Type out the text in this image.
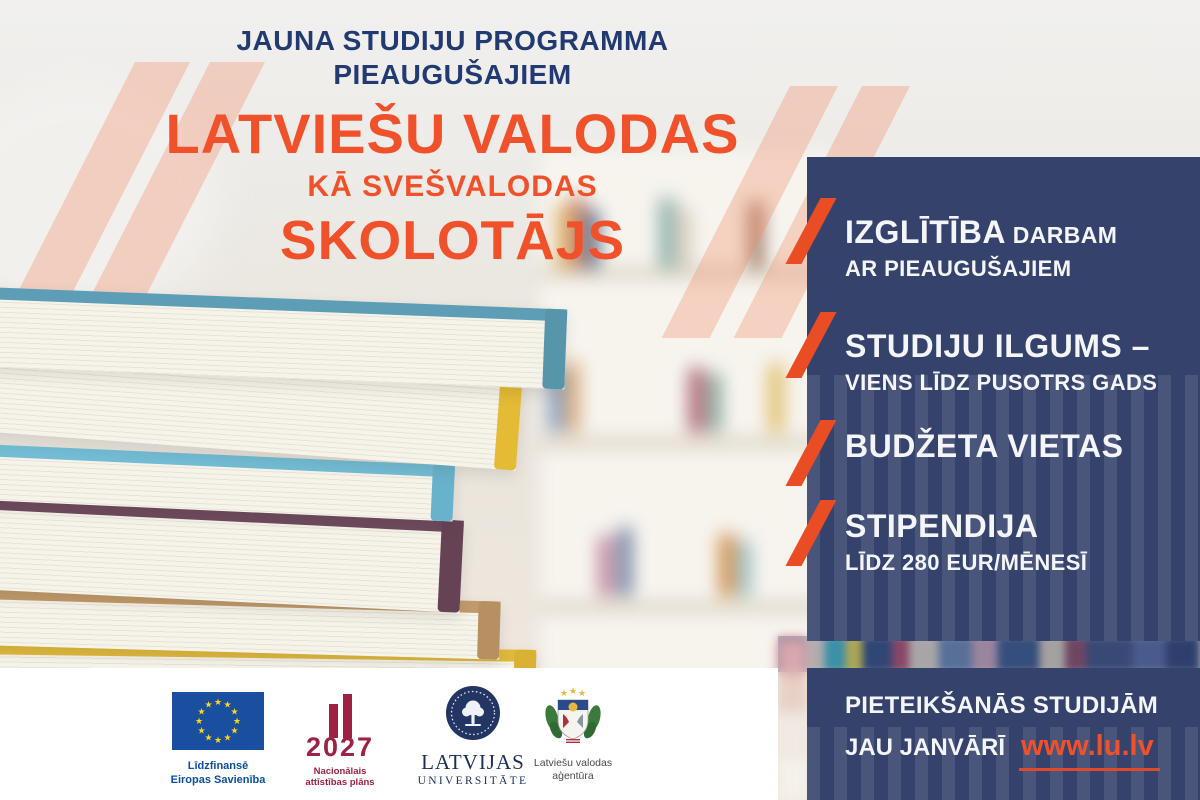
JAUNA STUDIJU PROGRAMMA
PIEAUGUŠAJIEM
LATVIEŠU VALODAS
KĀ SVEŠVALODAS
SKOLOTĀJS	IZGLĪTĪBA DARBAM
AR PIEAUGUŠAJIEM
STUDIJU ILGUMS –
VIENS LĪDZ PUSOTRS GADS
BUDŽETA VIETAS
STIPENDIJA
LĪDZ 280 EUR/MĒNESĪ
PIETEIKŠANĀS STUDIJĀM
JAU JANVĀRĪ www.lu.lv
★ ★
★
★
★
★
★
★
★
★
★
★
Līdzfinansē
Eiropas Savienība
2027
Nacionālais
attīstības plāns
LATVIJAS
UNIVERSITĀTE
★ ★ ★
Latviešu valodas
aģentūra
